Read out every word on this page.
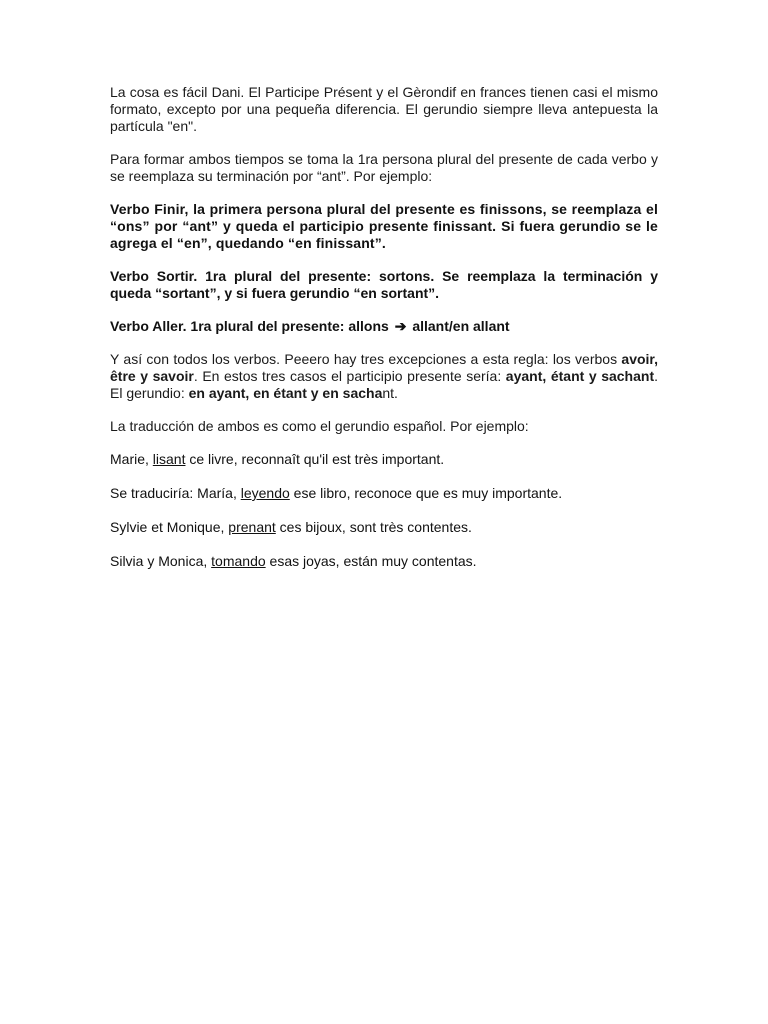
La cosa es fácil Dani. El Participe Présent y el Gèrondif en frances tienen casi el mismo formato, excepto por una pequeña diferencia. El gerundio siempre lleva antepuesta la partícula "en".

Para formar ambos tiempos se toma la 1ra persona plural del presente de cada verbo y se reemplaza su terminación por “ant”. Por ejemplo:

Verbo Finir, la primera persona plural del presente es finissons, se reemplaza el “ons” por “ant” y queda el participio presente finissant. Si fuera gerundio se le agrega el “en”, quedando “en finissant”.

Verbo Sortir. 1ra plural del presente: sortons. Se reemplaza la terminación y queda “sortant”, y si fuera gerundio “en sortant”.

Verbo Aller. 1ra plural del presente: allons ➔ allant/en allant

Y así con todos los verbos. Peeero hay tres excepciones a esta regla: los verbos avoir, être y savoir. En estos tres casos el participio presente sería: ayant, étant y sachant. El gerundio: en ayant, en étant y en sachant.

La traducción de ambos es como el gerundio español. Por ejemplo:

Marie, lisant ce livre, reconnaît qu'il est très important.

Se traduciría: María, leyendo ese libro, reconoce que es muy importante.

Sylvie et Monique, prenant ces bijoux, sont très contentes.

Silvia y Monica, tomando esas joyas, están muy contentas.
